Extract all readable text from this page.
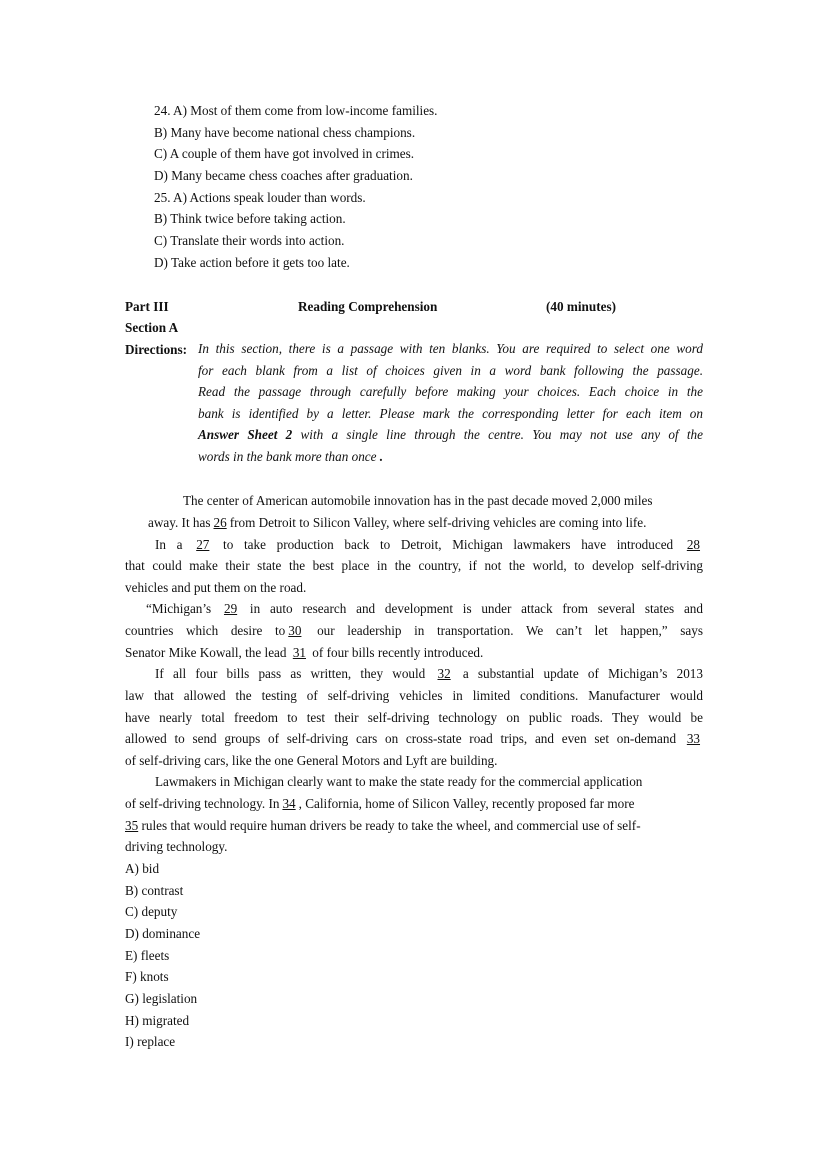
24. A) Most of them come from low-income families.
B) Many have become national chess champions.
C) A couple of them have got involved in crimes.
D) Many became chess coaches after graduation.
25. A) Actions speak louder than words.
B) Think twice before taking action.
C) Translate their words into action.
D) Take action before it gets too late.
Part III	Reading Comprehension	(40 minutes)
Section A
Directions: In this section, there is a passage with ten blanks. You are required to select one word
for each blank from a list of choices given in a word bank following the passage.
Read the passage through carefully before making your choices. Each choice in the
bank is identified by a letter. Please mark the corresponding letter for each item on
Answer Sheet 2 with a single line through the centre. You may not use any of the
words in the bank more than once .
The center of American automobile innovation has in the past decade moved 2,000 miles
away. It has 26 from Detroit to Silicon Valley, where self-driving vehicles are coming into life.
In a 27 to take production back to Detroit, Michigan lawmakers have introduced 28
that could make their state the best place in the country, if not the world, to develop self-driving
vehicles and put them on the road.
“Michigan’s 29 in auto research and development is under attack from several states and
countries which desire to 30 our leadership in transportation. We can’t let happen,” says
Senator Mike Kowall, the lead 31 of four bills recently introduced.
If all four bills pass as written, they would 32 a substantial update of Michigan’s 2013
law that allowed the testing of self-driving vehicles in limited conditions. Manufacturer would
have nearly total freedom to test their self-driving technology on public roads. They would be
allowed to send groups of self-driving cars on cross-state road trips, and even set on-demand 33
of self-driving cars, like the one General Motors and Lyft are building.
Lawmakers in Michigan clearly want to make the state ready for the commercial application
of self-driving technology. In 34 , California, home of Silicon Valley, recently proposed far more
35 rules that would require human drivers be ready to take the wheel, and commercial use of self-
driving technology.
A) bid
B) contrast
C) deputy
D) dominance
E) fleets
F) knots
G) legislation
H) migrated
I) replace
